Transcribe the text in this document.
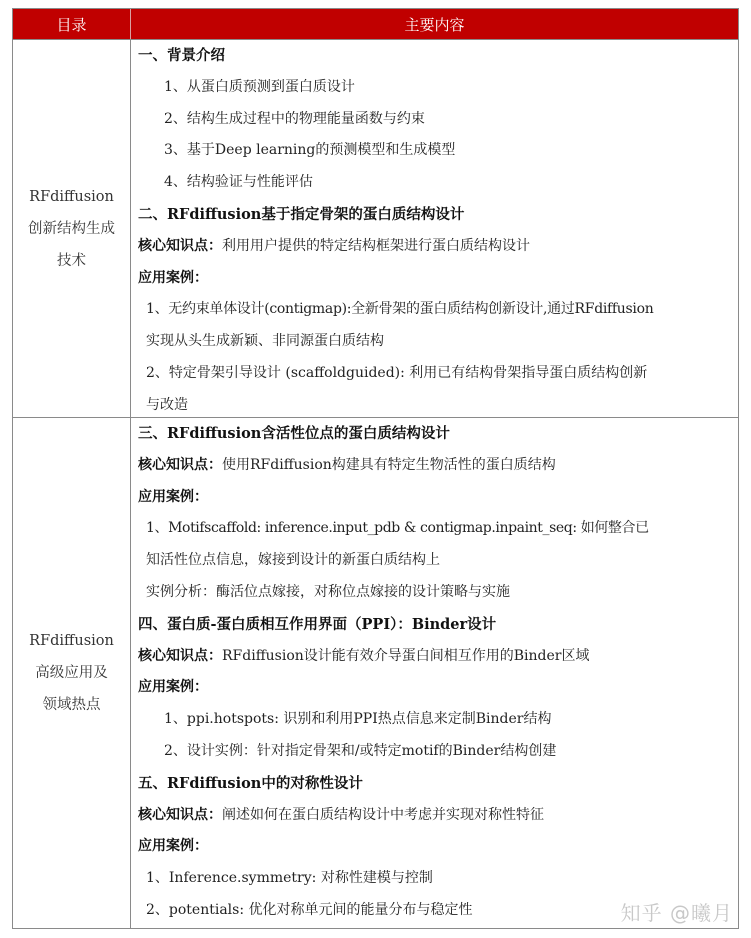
目录	主要内容
RFdiffusion
创新结构生成
技术
一、背景介绍
1、从蛋白质预测到蛋白质设计
2、结构生成过程中的物理能量函数与约束
3、基于Deep learning的预测模型和生成模型
4、结构验证与性能评估
二、RFdiffusion基于指定骨架的蛋白质结构设计
核心知识点：利用用户提供的特定结构框架进行蛋白质结构设计
应用案例：
1、无约束单体设计(contigmap):全新骨架的蛋白质结构创新设计,通过RFdiffusion
实现从头生成新颖、非同源蛋白质结构
2、特定骨架引导设计 (scaffoldguided): 利用已有结构骨架指导蛋白质结构创新
与改造
RFdiffusion
高级应用及
领域热点
三、RFdiffusion含活性位点的蛋白质结构设计
核心知识点：使用RFdiffusion构建具有特定生物活性的蛋白质结构
应用案例：
1、Motifscaffold: inference.input_pdb & contigmap.inpaint_seq: 如何整合已
知活性位点信息，嫁接到设计的新蛋白质结构上
实例分析：酶活位点嫁接，对称位点嫁接的设计策略与实施
四、蛋白质-蛋白质相互作用界面（PPI）：Binder设计
核心知识点：RFdiffusion设计能有效介导蛋白间相互作用的Binder区域
应用案例：
1、ppi.hotspots: 识别和利用PPI热点信息来定制Binder结构
2、设计实例：针对指定骨架和/或特定motif的Binder结构创建
五、RFdiffusion中的对称性设计
核心知识点：阐述如何在蛋白质结构设计中考虑并实现对称性特征
应用案例：
1、Inference.symmetry: 对称性建模与控制
2、potentials: 优化对称单元间的能量分布与稳定性	知乎 @曦月
